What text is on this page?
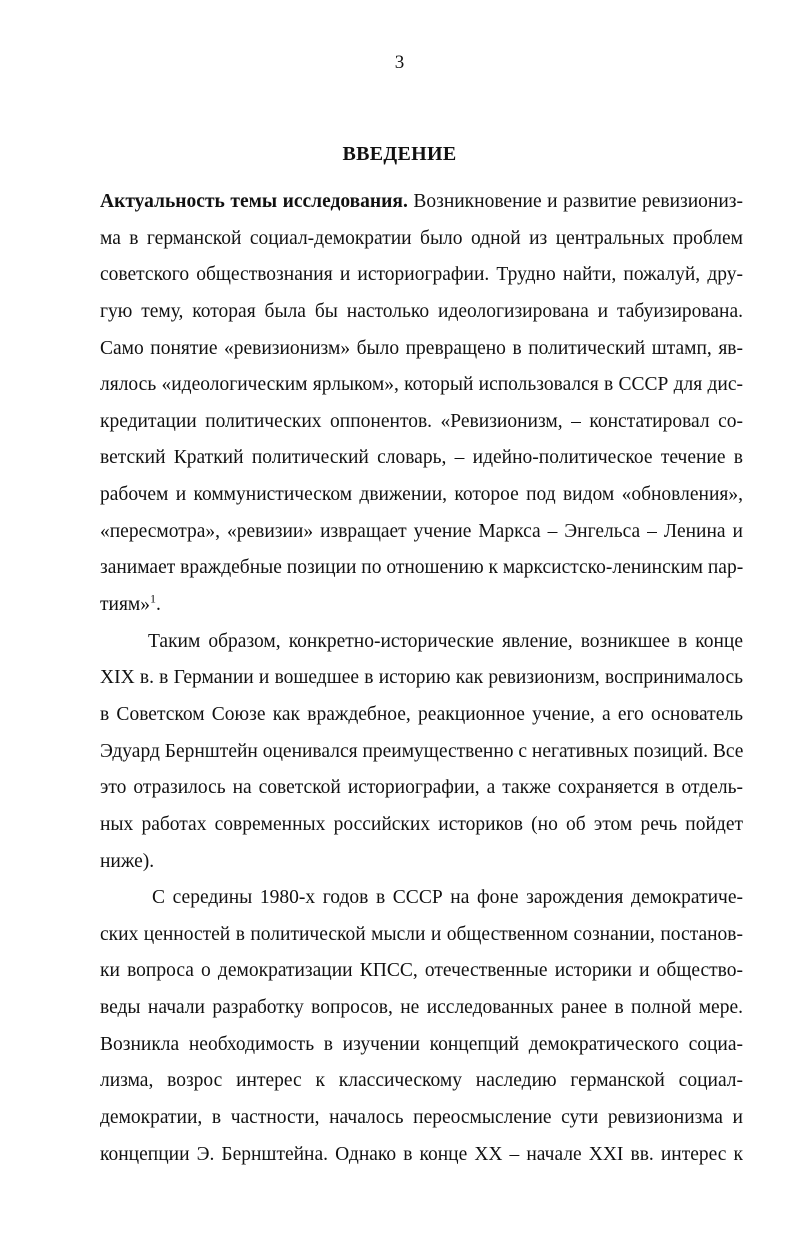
3
ВВЕДЕНИЕ
Актуальность темы исследования. Возникновение и развитие ревизиониз-
ма в германской социал-демократии было одной из центральных проблем
советского обществознания и историографии. Трудно найти, пожалуй, дру-
гую тему, которая была бы настолько идеологизирована и табуизирована.
Само понятие «ревизионизм» было превращено в политический штамп, яв-
лялось «идеологическим ярлыком», который использовался в СССР для дис-
кредитации политических оппонентов. «Ревизионизм, – констатировал со-
ветский Краткий политический словарь, – идейно-политическое течение в
рабочем и коммунистическом движении, которое под видом «обновления»,
«пересмотра», «ревизии» извращает учение Маркса – Энгельса – Ленина и
занимает враждебные позиции по отношению к марксистско-ленинским пар-
тиям»$^1$.
Таким образом, конкретно-исторические явление, возникшее в конце
XIX в. в Германии и вошедшее в историю как ревизионизм, воспринималось
в Советском Союзе как враждебное, реакционное учение, а его основатель
Эдуард Бернштейн оценивался преимущественно с негативных позиций. Все
это отразилось на советской историографии, а также сохраняется в отдель-
ных работах современных российских историков (но об этом речь пойдет
ниже).
С середины 1980-х годов в СССР на фоне зарождения демократиче-
ских ценностей в политической мысли и общественном сознании, постанов-
ки вопроса о демократизации КПСС, отечественные историки и общество-
веды начали разработку вопросов, не исследованных ранее в полной мере.
Возникла необходимость в изучении концепций демократического социа-
лизма, возрос интерес к классическому наследию германской социал-
демократии, в частности, началось переосмысление сути ревизионизма и
концепции Э. Бернштейна. Однако в конце XX – начале XXI вв. интерес к
